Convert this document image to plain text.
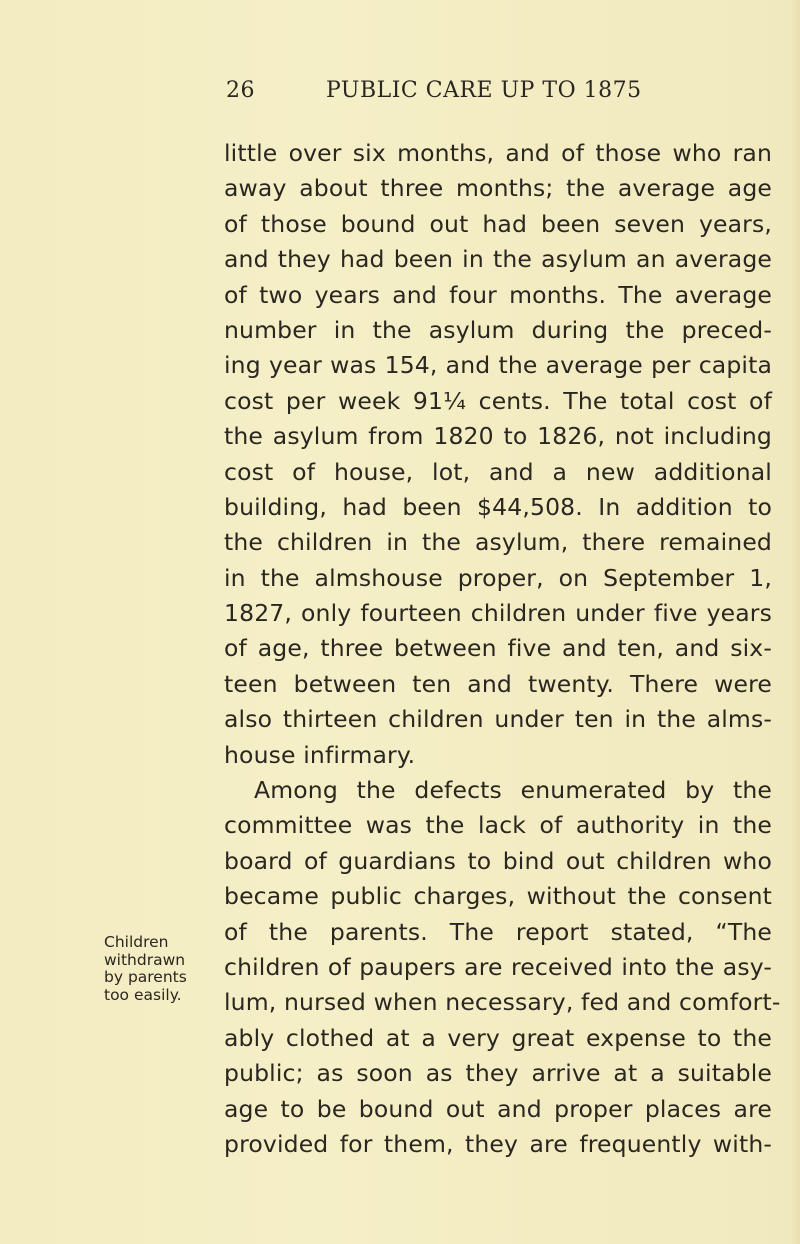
26	PUBLIC CARE UP TO 1875
Children
withdrawn
by parents
too easily.
little over six months, and of those who ran
away about three months; the average age
of those bound out had been seven years,
and they had been in the asylum an average
of two years and four months. The average
number in the asylum during the preced-
ing year was 154, and the average per capita
cost per week 91¼ cents. The total cost of
the asylum from 1820 to 1826, not including
cost of house, lot, and a new additional
building, had been $44,508. In addition to
the children in the asylum, there remained
in the almshouse proper, on September 1,
1827, only fourteen children under five years
of age, three between five and ten, and six-
teen between ten and twenty. There were
also thirteen children under ten in the alms-
house infirmary.
Among the defects enumerated by the
committee was the lack of authority in the
board of guardians to bind out children who
became public charges, without the consent
of the parents. The report stated, “The
children of paupers are received into the asy-
lum, nursed when necessary, fed and comfort-
ably clothed at a very great expense to the
public; as soon as they arrive at a suitable
age to be bound out and proper places are
provided for them, they are frequently with-
